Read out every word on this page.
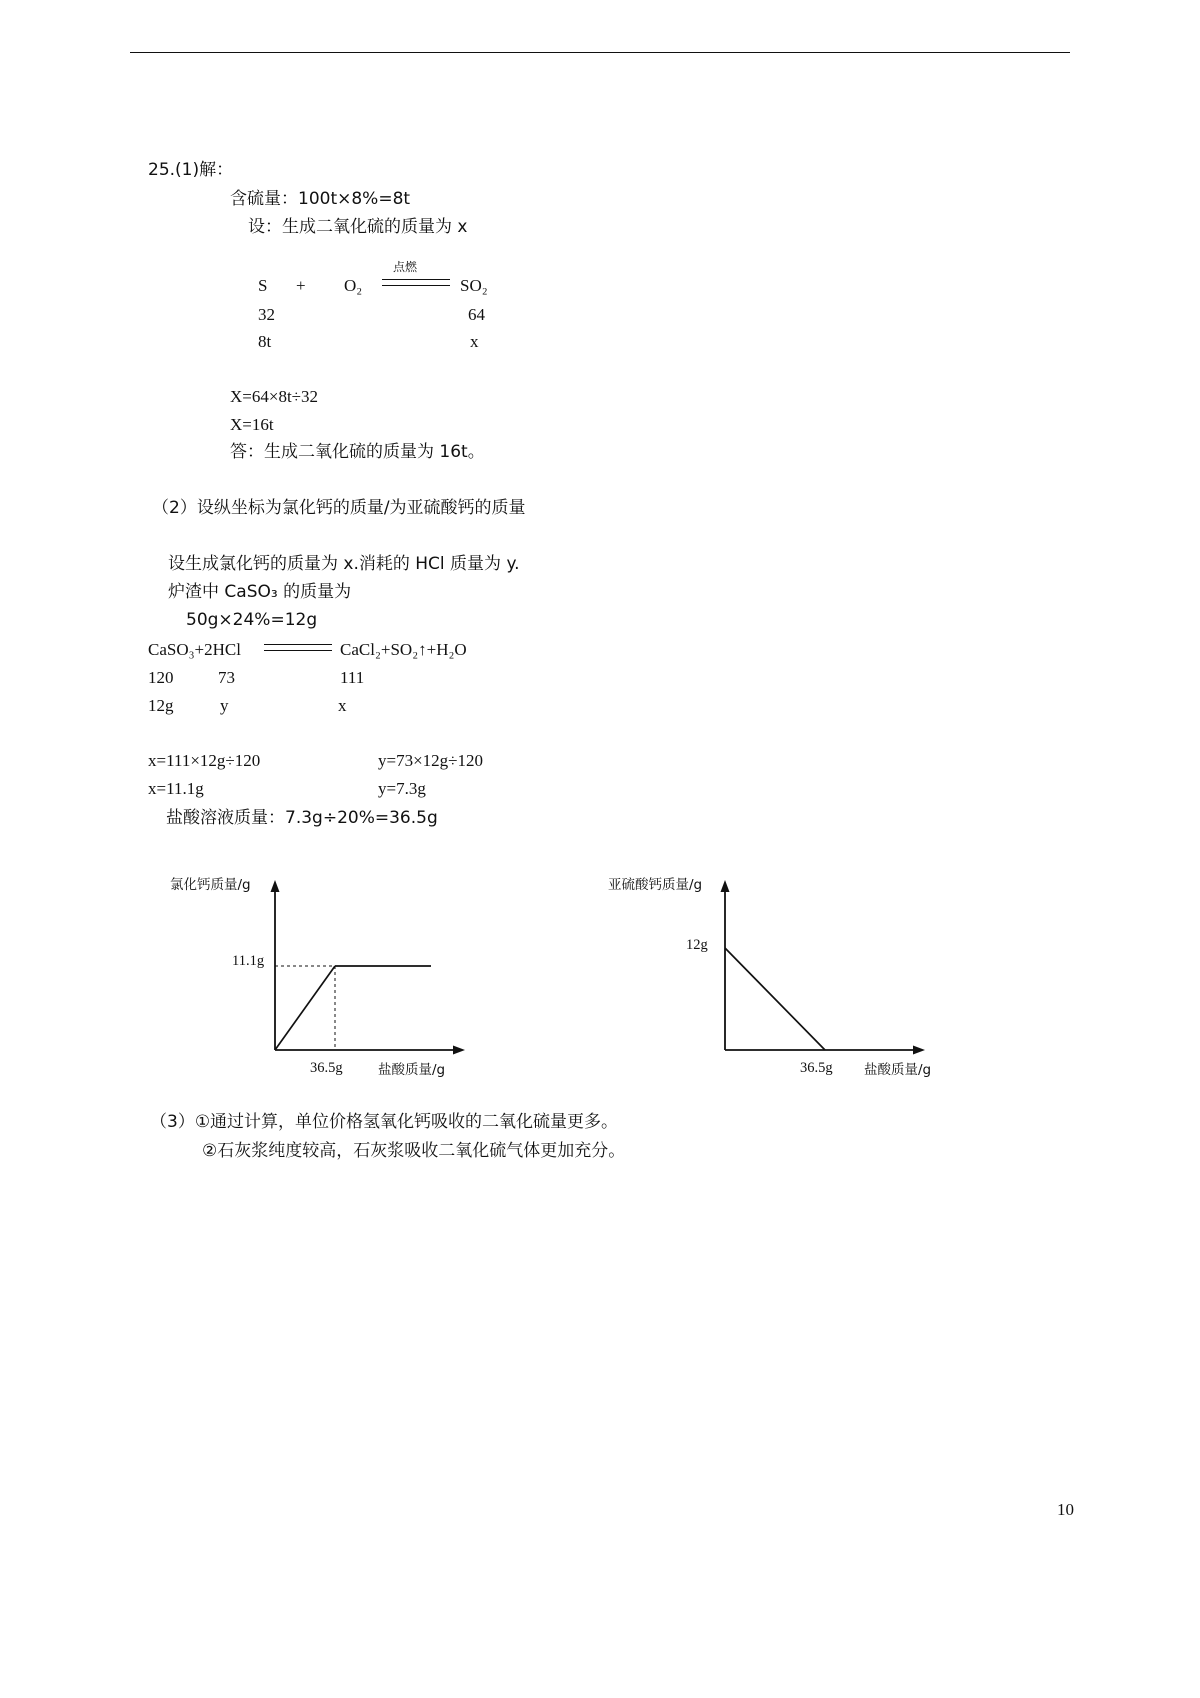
25.(1)解：
含硫量：100t×8%=8t
设：生成二氧化硫的质量为 x
S + O₂
点燃
SO₂
32	64
8t	x
X=64×8t÷32
X=16t
答：生成二氧化硫的质量为 16t。
（2）设纵坐标为氯化钙的质量/为亚硫酸钙的质量
设生成氯化钙的质量为 x.消耗的 HCl 质量为 y.
炉渣中 CaSO₃ 的质量为
50g×24%=12g
CaSO₃+2HCl	CaCl₂+SO₂↑+H₂O
120	73	111
12g	y	x
x=111×12g÷120	y=73×12g÷120
x=11.1g	y=7.3g
盐酸溶液质量：7.3g÷20%=36.5g
氯化钙质量/g
11.1g
36.5g	盐酸质量/g
亚硫酸钙质量/g
12g
36.5g 盐酸质量/g
（3）①通过计算，单位价格氢氧化钙吸收的二氧化硫量更多。
②石灰浆纯度较高，石灰浆吸收二氧化硫气体更加充分。
10
